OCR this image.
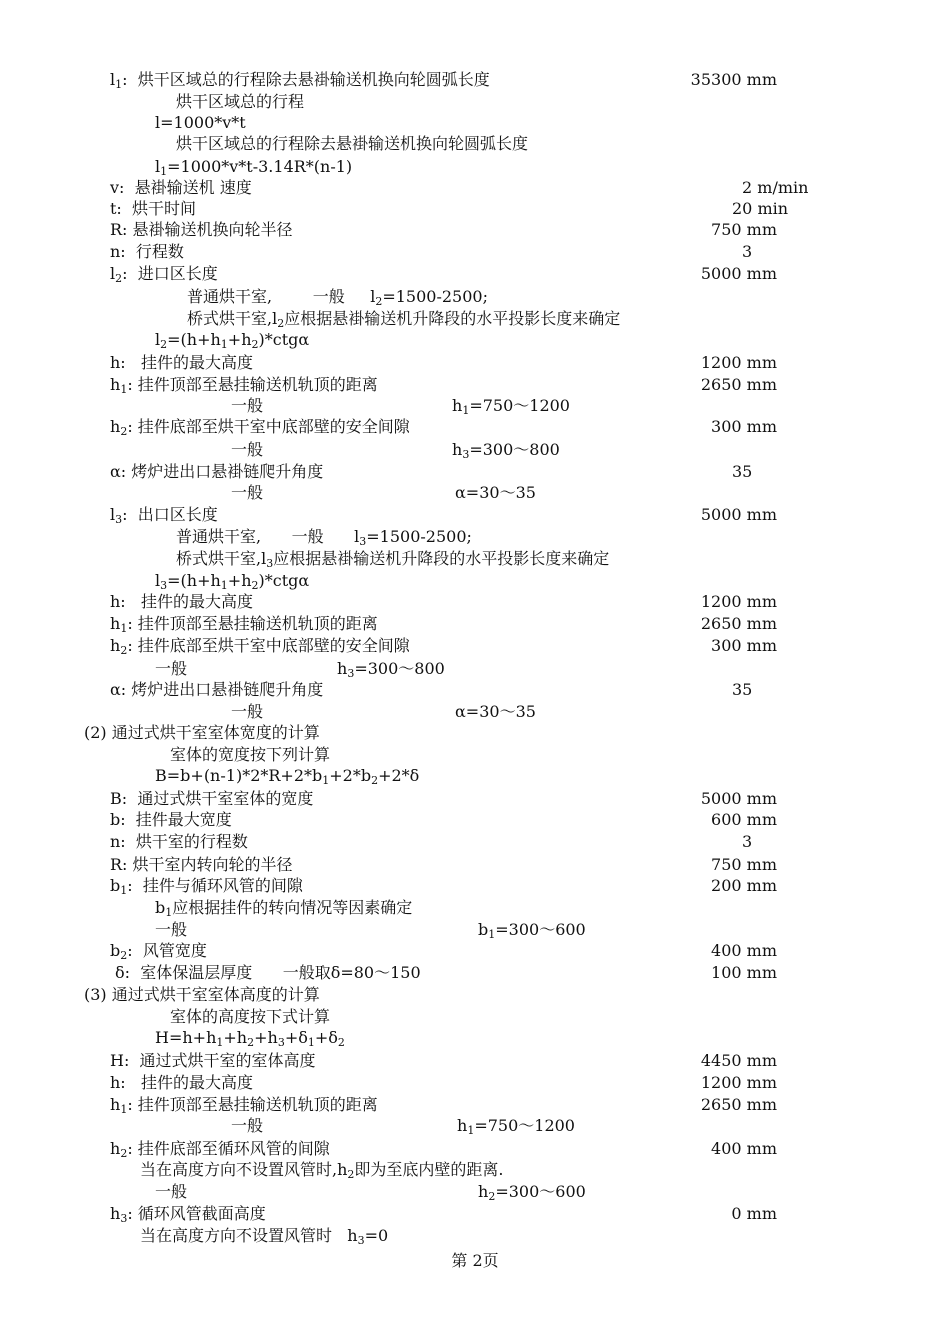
$l_1$:  烘干区域总的行程除去悬褂输送机换向轮圆弧长度	35300 mm
烘干区域总的行程
l=1000*v*t
烘干区域总的行程除去悬褂输送机换向轮圆弧长度
$l_1=1000*v*t-3.14R*(n-1)$
v:  悬褂输送机 速度	2 m/min
t:  烘干时间	20 min
R: 悬褂输送机换向轮半径	750 mm
n:  行程数	3
$l_2$:  进口区长度	5000 mm
普通烘干室,        一般     $l_2=1500-2500$;
桥式烘干室$,l_2$应根据悬褂输送机升降段的水平投影长度来确定
$l_2=(h+h_1+h_2)*ctg\alpha$
h:   挂件的最大高度	1200 mm
$h_1$: 挂件顶部至悬挂输送机轨顶的距离	2650 mm
一般	$h_1=750\sim 1200$
$h_2$: 挂件底部至烘干室中底部壁的安全间隙	300 mm
一般	$h_3=300\sim 800$
α: 烤炉进出口悬褂链爬升角度	35
一般	α=30～35
$l_3$:  出口区长度	5000 mm
普通烘干室,      一般      $l_3=1500-2500$;
桥式烘干室$,l_3$应根据悬褂输送机升降段的水平投影长度来确定
$l_3=(h+h_1+h_2)*ctg\alpha$
h:   挂件的最大高度	1200 mm
$h_1$: 挂件顶部至悬挂输送机轨顶的距离	2650 mm
$h_2$: 挂件底部至烘干室中底部壁的安全间隙	300 mm
一般	$h_3=300\sim 800$
α: 烤炉进出口悬褂链爬升角度	35
一般	α=30～35
(2) 通过式烘干室室体宽度的计算
室体的宽度按下列计算
$B=b+(n-1)*2*R+2*b_1+2*b_2+2*\delta$
B:  通过式烘干室室体的宽度	5000 mm
b:  挂件最大宽度	600 mm
n:  烘干室的行程数	3
R: 烘干室内转向轮的半径	750 mm
$b_1$:  挂件与循环风管的间隙	200 mm
$b_1$应根据挂件的转向情况等因素确定
一般	$b_1=300\sim 600$
$b_2$:  风管宽度	400 mm
δ:  室体保温层厚度      一般取δ=80～150	100 mm
(3) 通过式烘干室室体高度的计算
室体的高度按下式计算
$H=h+h_1+h_2+h_3+\delta_1+\delta_2$
H:  通过式烘干室的室体高度	4450 mm
h:   挂件的最大高度	1200 mm
$h_1$: 挂件顶部至悬挂输送机轨顶的距离	2650 mm
一般	$h_1=750\sim 1200$
$h_2$: 挂件底部至循环风管的间隙	400 mm
当在高度方向不设置风管时$,h_2$即为至底内壁的距离.
一般	$h_2=300\sim 600$
$h_3$: 循环风管截面高度	0 mm
当在高度方向不设置风管时   $h_3=0$
第 2页
